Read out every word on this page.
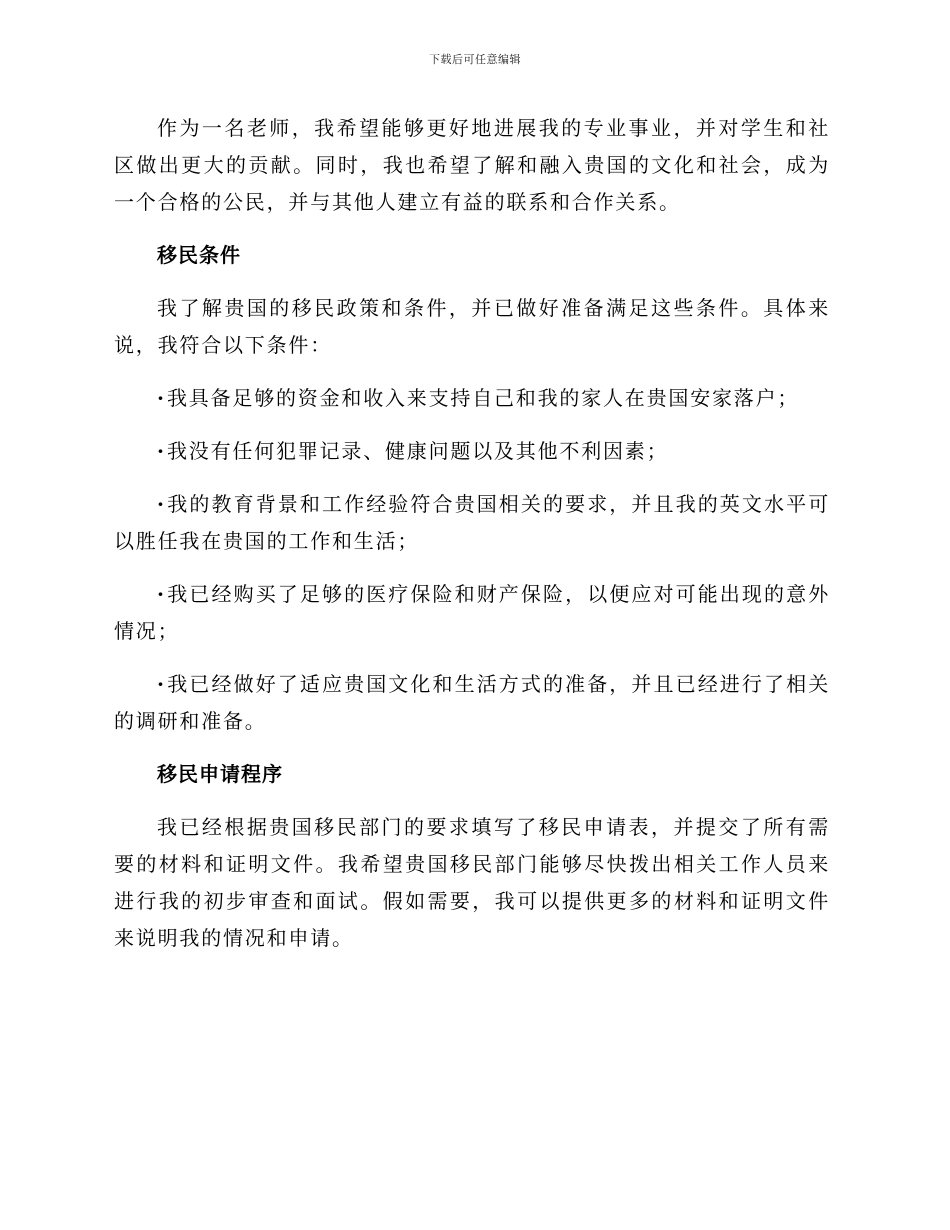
下载后可任意编辑

作为一名老师，我希望能够更好地进展我的专业事业，并对学生和社区做出更大的贡献。同时，我也希望了解和融入贵国的文化和社会，成为一个合格的公民，并与其他人建立有益的联系和合作关系。

移民条件

我了解贵国的移民政策和条件，并已做好准备满足这些条件。具体来说，我符合以下条件：

·我具备足够的资金和收入来支持自己和我的家人在贵国安家落户；

·我没有任何犯罪记录、健康问题以及其他不利因素；

·我的教育背景和工作经验符合贵国相关的要求，并且我的英文水平可以胜任我在贵国的工作和生活；

·我已经购买了足够的医疗保险和财产保险，以便应对可能出现的意外情况；

·我已经做好了适应贵国文化和生活方式的准备，并且已经进行了相关的调研和准备。

移民申请程序

我已经根据贵国移民部门的要求填写了移民申请表，并提交了所有需要的材料和证明文件。我希望贵国移民部门能够尽快拨出相关工作人员来进行我的初步审查和面试。假如需要，我可以提供更多的材料和证明文件来说明我的情况和申请。
